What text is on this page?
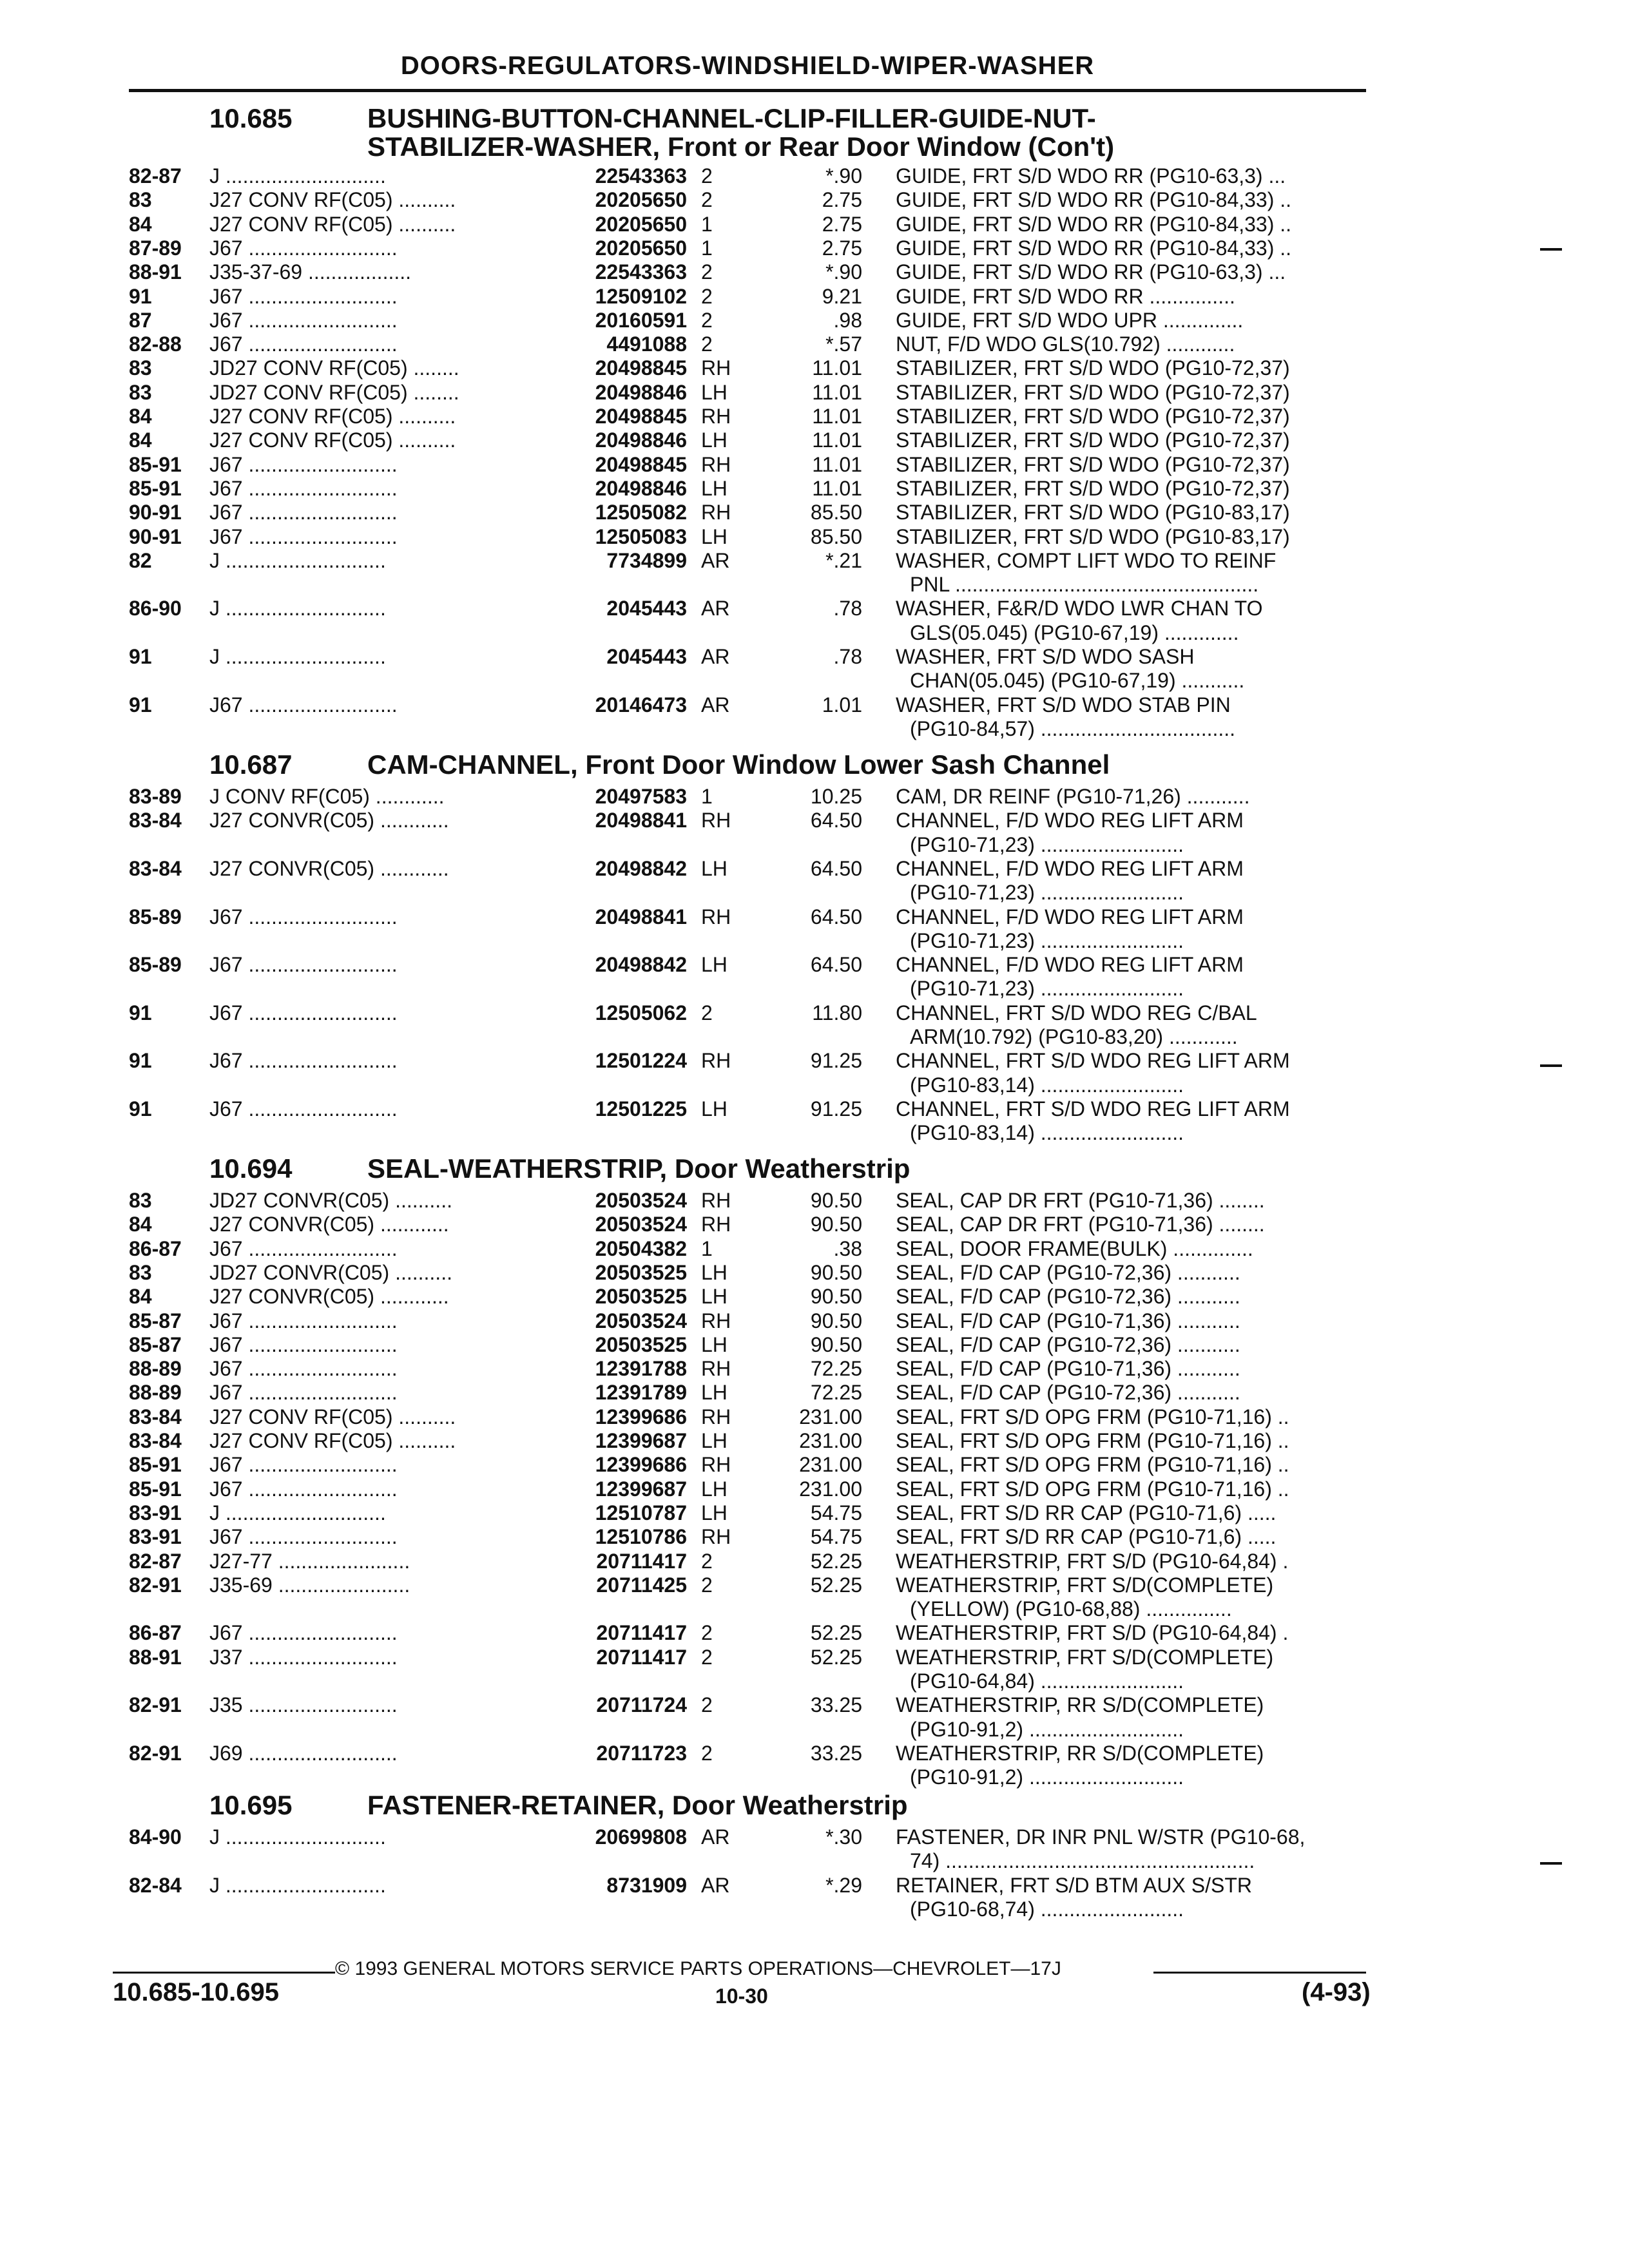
DOORS-REGULATORS-WINDSHIELD-WIPER-WASHER
10.685	BUSHING-BUTTON-CHANNEL-CLIP-FILLER-GUIDE-NUT-
STABILIZER-WASHER, Front or Rear Door Window (Con't)
82-87 J ............................	22543363 2	*.90 GUIDE, FRT S/D WDO RR (PG10-63,3) ...
83	J27 CONV RF(C05) ..........	20205650 2	2.75 GUIDE, FRT S/D WDO RR (PG10-84,33) ..
84	J27 CONV RF(C05) ..........	20205650 1	2.75 GUIDE, FRT S/D WDO RR (PG10-84,33) ..
87-89 J67 ..........................	20205650 1	2.75 GUIDE, FRT S/D WDO RR (PG10-84,33) ..
88-91 J35-37-69 ..................	22543363 2	*.90 GUIDE, FRT S/D WDO RR (PG10-63,3) ...
91	J67 ..........................	12509102 2	9.21 GUIDE, FRT S/D WDO RR ...............
87	J67 ..........................	20160591 2	.98 GUIDE, FRT S/D WDO UPR ..............
82-88 J67 ..........................	4491088 2	*.57 NUT, F/D WDO GLS(10.792) ............
83	JD27 CONV RF(C05) ........	20498845 RH	11.01 STABILIZER, FRT S/D WDO (PG10-72,37)
83	JD27 CONV RF(C05) ........	20498846 LH	11.01 STABILIZER, FRT S/D WDO (PG10-72,37)
84	J27 CONV RF(C05) ..........	20498845 RH	11.01 STABILIZER, FRT S/D WDO (PG10-72,37)
84	J27 CONV RF(C05) ..........	20498846 LH	11.01 STABILIZER, FRT S/D WDO (PG10-72,37)
85-91 J67 ..........................	20498845 RH	11.01 STABILIZER, FRT S/D WDO (PG10-72,37)
85-91 J67 ..........................	20498846 LH	11.01 STABILIZER, FRT S/D WDO (PG10-72,37)
90-91 J67 ..........................	12505082 RH	85.50 STABILIZER, FRT S/D WDO (PG10-83,17)
90-91 J67 ..........................	12505083 LH	85.50 STABILIZER, FRT S/D WDO (PG10-83,17)
82	J ............................	7734899 AR	*.21 WASHER, COMPT LIFT WDO TO REINF
PNL .....................................................
86-90 J ............................	2045443 AR	.78 WASHER, F&R/D WDO LWR CHAN TO
GLS(05.045) (PG10-67,19) .............
91	J ............................	2045443 AR	.78 WASHER, FRT S/D WDO SASH
CHAN(05.045) (PG10-67,19) ...........
91	J67 ..........................	20146473 AR	1.01 WASHER, FRT S/D WDO STAB PIN
(PG10-84,57) ..................................
10.687	CAM-CHANNEL, Front Door Window Lower Sash Channel
83-89 J CONV RF(C05) ............	20497583 1	10.25 CAM, DR REINF (PG10-71,26) ...........
83-84 J27 CONVR(C05) ............	20498841 RH	64.50 CHANNEL, F/D WDO REG LIFT ARM
(PG10-71,23) .........................
83-84 J27 CONVR(C05) ............	20498842 LH	64.50 CHANNEL, F/D WDO REG LIFT ARM
(PG10-71,23) .........................
85-89 J67 ..........................	20498841 RH	64.50 CHANNEL, F/D WDO REG LIFT ARM
(PG10-71,23) .........................
85-89 J67 ..........................	20498842 LH	64.50 CHANNEL, F/D WDO REG LIFT ARM
(PG10-71,23) .........................
91	J67 ..........................	12505062 2	11.80 CHANNEL, FRT S/D WDO REG C/BAL
ARM(10.792) (PG10-83,20) ............
91	J67 ..........................	12501224 RH	91.25 CHANNEL, FRT S/D WDO REG LIFT ARM
(PG10-83,14) .........................
91	J67 ..........................	12501225 LH	91.25 CHANNEL, FRT S/D WDO REG LIFT ARM
(PG10-83,14) .........................
10.694	SEAL-WEATHERSTRIP, Door Weatherstrip
83	JD27 CONVR(C05) ..........	20503524 RH	90.50 SEAL, CAP DR FRT (PG10-71,36) ........
84	J27 CONVR(C05) ............	20503524 RH	90.50 SEAL, CAP DR FRT (PG10-71,36) ........
86-87 J67 ..........................	20504382 1	.38 SEAL, DOOR FRAME(BULK) ..............
83	JD27 CONVR(C05) ..........	20503525 LH	90.50 SEAL, F/D CAP (PG10-72,36) ...........
84	J27 CONVR(C05) ............	20503525 LH	90.50 SEAL, F/D CAP (PG10-72,36) ...........
85-87 J67 ..........................	20503524 RH	90.50 SEAL, F/D CAP (PG10-71,36) ...........
85-87 J67 ..........................	20503525 LH	90.50 SEAL, F/D CAP (PG10-72,36) ...........
88-89 J67 ..........................	12391788 RH	72.25 SEAL, F/D CAP (PG10-71,36) ...........
88-89 J67 ..........................	12391789 LH	72.25 SEAL, F/D CAP (PG10-72,36) ...........
83-84 J27 CONV RF(C05) ..........	12399686 RH	231.00 SEAL, FRT S/D OPG FRM (PG10-71,16) ..
83-84 J27 CONV RF(C05) ..........	12399687 LH	231.00 SEAL, FRT S/D OPG FRM (PG10-71,16) ..
85-91 J67 ..........................	12399686 RH	231.00 SEAL, FRT S/D OPG FRM (PG10-71,16) ..
85-91 J67 ..........................	12399687 LH	231.00 SEAL, FRT S/D OPG FRM (PG10-71,16) ..
83-91 J ............................	12510787 LH	54.75 SEAL, FRT S/D RR CAP (PG10-71,6) .....
83-91 J67 ..........................	12510786 RH	54.75 SEAL, FRT S/D RR CAP (PG10-71,6) .....
82-87 J27-77 .......................	20711417 2	52.25 WEATHERSTRIP, FRT S/D (PG10-64,84) .
82-91 J35-69 .......................	20711425 2	52.25 WEATHERSTRIP, FRT S/D(COMPLETE)
(YELLOW) (PG10-68,88) ...............
86-87 J67 ..........................	20711417 2	52.25 WEATHERSTRIP, FRT S/D (PG10-64,84) .
88-91 J37 ..........................	20711417 2	52.25 WEATHERSTRIP, FRT S/D(COMPLETE)
(PG10-64,84) .........................
82-91 J35 ..........................	20711724 2	33.25 WEATHERSTRIP, RR S/D(COMPLETE)
(PG10-91,2) ...........................
82-91 J69 ..........................	20711723 2	33.25 WEATHERSTRIP, RR S/D(COMPLETE)
(PG10-91,2) ...........................
10.695	FASTENER-RETAINER, Door Weatherstrip
84-90 J ............................	20699808 AR	*.30 FASTENER, DR INR PNL W/STR (PG10-68,
74) ......................................................
82-84 J ............................	8731909 AR	*.29 RETAINER, FRT S/D BTM AUX S/STR
(PG10-68,74) .........................
© 1993 GENERAL MOTORS SERVICE PARTS OPERATIONS—CHEVROLET—17J
10.685-10.695	10-30	(4-93)
